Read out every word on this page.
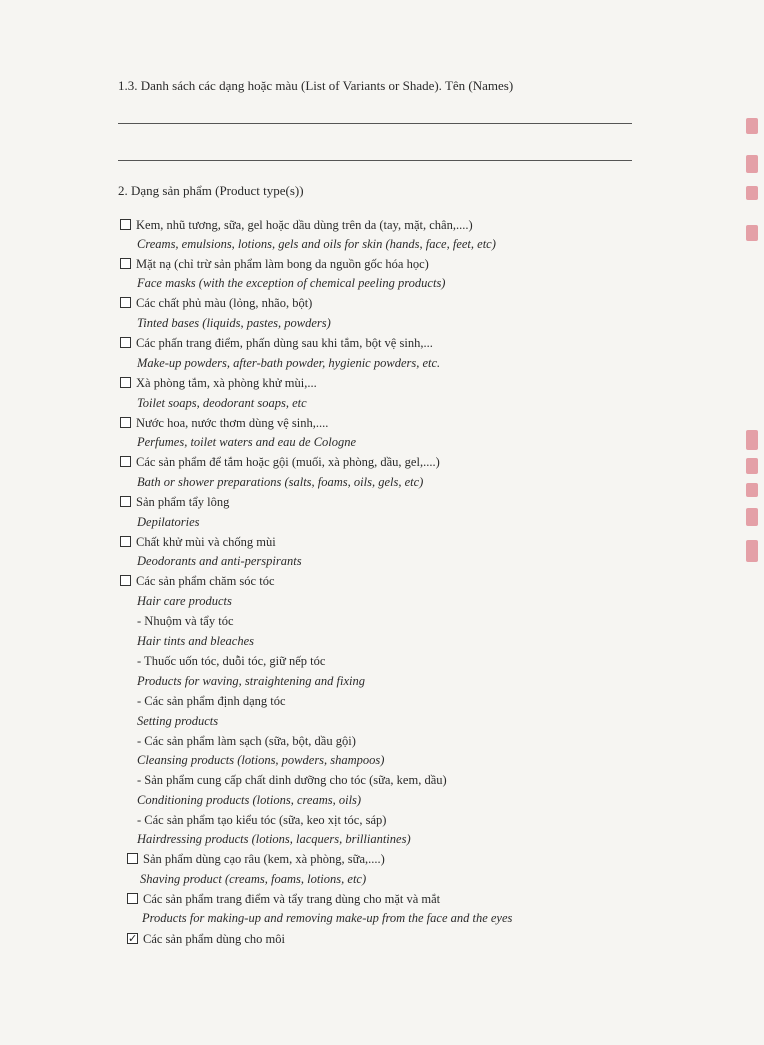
1.3. Danh sách các dạng hoặc màu (List of Variants or Shade). Tên (Names)
2. Dạng sản phẩm (Product type(s))
Kem, nhũ tương, sữa, gel hoặc dầu dùng trên da (tay, mặt, chân,....)
Creams, emulsions, lotions, gels and oils for skin (hands, face, feet, etc)
Mặt nạ (chỉ trừ sản phẩm làm bong da nguồn gốc hóa học)
Face masks (with the exception of chemical peeling products)
Các chất phủ màu (lỏng, nhão, bột)
Tinted bases (liquids, pastes, powders)
Các phấn trang điểm, phấn dùng sau khi tắm, bột vệ sinh,...
Make-up powders, after-bath powder, hygienic powders, etc.
Xà phòng tắm, xà phòng khử mùi,...
Toilet soaps, deodorant soaps, etc
Nước hoa, nước thơm dùng vệ sinh,....
Perfumes, toilet waters and eau de Cologne
Các sản phẩm để tắm hoặc gội (muối, xà phòng, dầu, gel,....)
Bath or shower preparations (salts, foams, oils, gels, etc)
Sản phẩm tẩy lông
Depilatories
Chất khử mùi và chống mùi
Deodorants and anti-perspirants
Các sản phẩm chăm sóc tóc
Hair care products
- Nhuộm và tẩy tóc
Hair tints and bleaches
- Thuốc uốn tóc, duỗi tóc, giữ nếp tóc
Products for waving, straightening and fixing
- Các sản phẩm định dạng tóc
Setting products
- Các sản phẩm làm sạch (sữa, bột, dầu gội)
Cleansing products (lotions, powders, shampoos)
- Sản phẩm cung cấp chất dinh dưỡng cho tóc (sữa, kem, dầu)
Conditioning products (lotions, creams, oils)
- Các sản phẩm tạo kiểu tóc (sữa, keo xịt tóc, sáp)
Hairdressing products (lotions, lacquers, brilliantines)
Sản phẩm dùng cạo râu (kem, xà phòng, sữa,....)
Shaving product (creams, foams, lotions, etc)
Các sản phẩm trang điểm và tẩy trang dùng cho mặt và mắt
Products for making-up and removing make-up from the face and the eyes
✓Các sản phẩm dùng cho môi
